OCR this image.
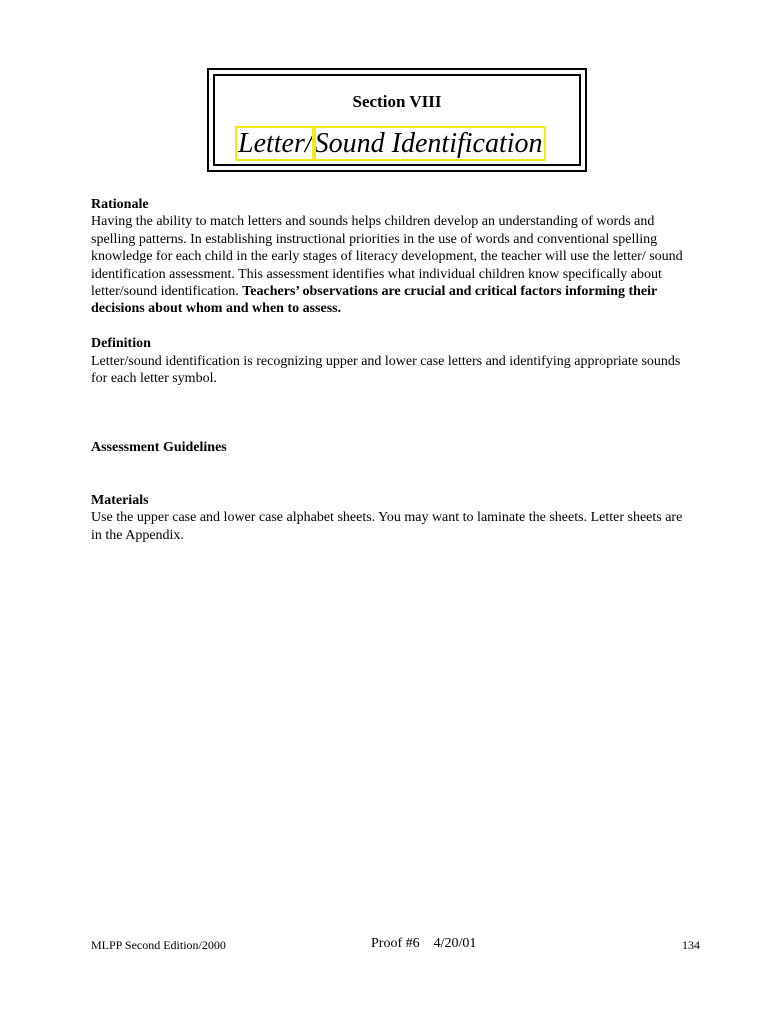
Section VIII
Letter/Sound Identification
Rationale

Having the ability to match letters and sounds helps children develop an understanding of words and spelling patterns. In establishing instructional priorities in the use of words and conventional spelling knowledge for each child in the early stages of literacy development, the teacher will use the letter/ sound identification assessment. This assessment identifies what individual children know specifically about letter/sound identification. Teachers’ observations are crucial and critical factors informing their decisions about whom and when to assess.

Definition

Letter/sound identification is recognizing upper and lower case letters and identifying appropriate sounds for each letter symbol.

Assessment Guidelines
Materials

Use the upper case and lower case alphabet sheets. You may want to laminate the sheets. Letter sheets are in the Appendix.

MLPP Second Edition/2000	Proof #6    4/20/01	134
